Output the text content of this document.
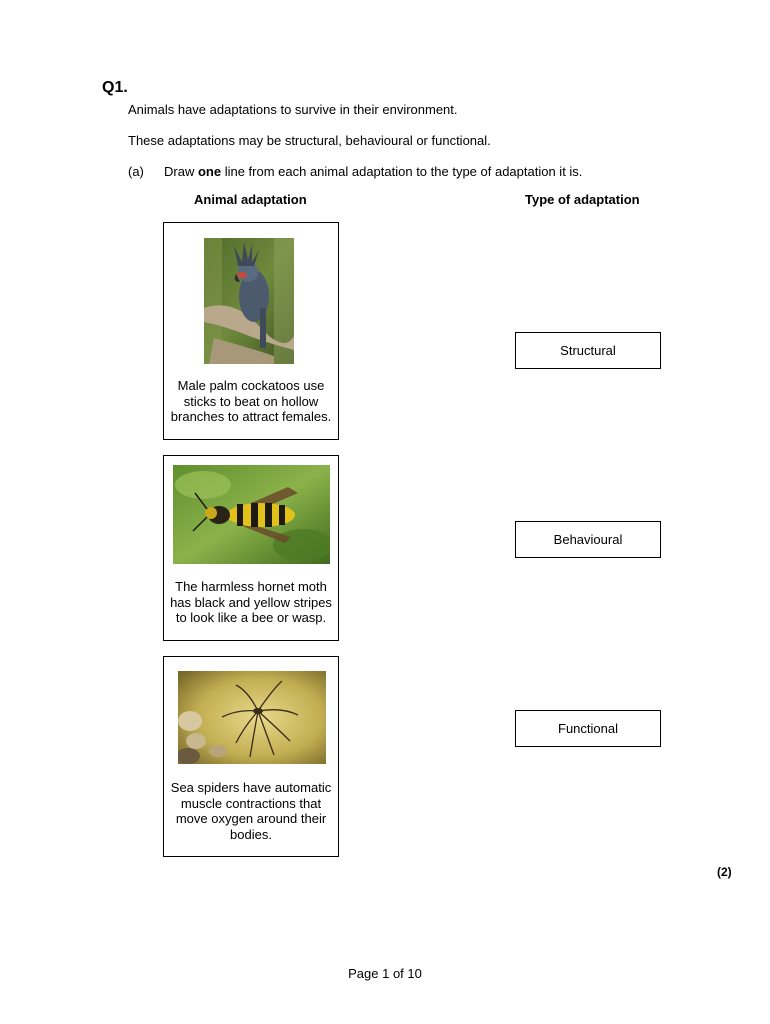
Q1.
Animals have adaptations to survive in their environment.
These adaptations may be structural, behavioural or functional.
(a) Draw one line from each animal adaptation to the type of adaptation it is.
Animal adaptation	Type of adaptation
Male palm cockatoos use sticks to beat on hollow branches to attract females.
The harmless hornet moth has black and yellow stripes to look like a bee or wasp.
Sea spiders have automatic muscle contractions that move oxygen around their bodies.
Structural
Behavioural
Functional
(2)
Page 1 of 10
